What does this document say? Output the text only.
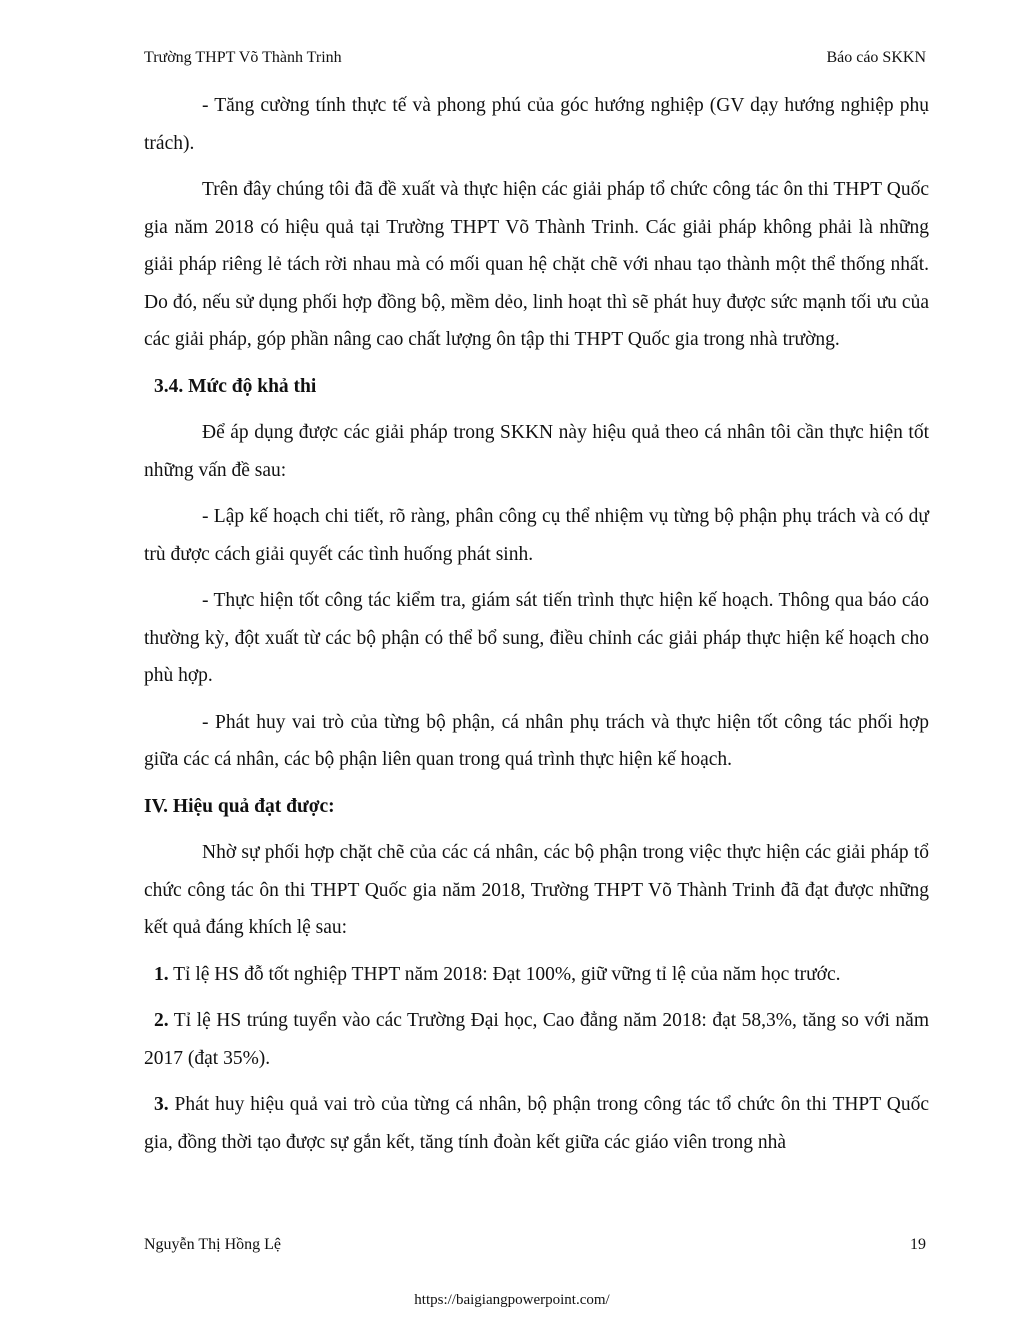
Trường THPT Võ Thành Trinh	Báo cáo SKKN

- Tăng cường tính thực tế và phong phú của góc hướng nghiệp (GV dạy hướng nghiệp phụ trách).

Trên đây chúng tôi đã đề xuất và thực hiện các giải pháp tổ chức công tác ôn thi THPT Quốc gia năm 2018 có hiệu quả tại Trường THPT Võ Thành Trinh. Các giải pháp không phải là những giải pháp riêng lẻ tách rời nhau mà có mối quan hệ chặt chẽ với nhau tạo thành một thể thống nhất. Do đó, nếu sử dụng phối hợp đồng bộ, mềm dẻo, linh hoạt thì sẽ phát huy được sức mạnh tối ưu của các giải pháp, góp phần nâng cao chất lượng ôn tập thi THPT Quốc gia trong nhà trường.

3.4. Mức độ khả thi

Để áp dụng được các giải pháp trong SKKN này hiệu quả theo cá nhân tôi cần thực hiện tốt những vấn đề sau:

- Lập kế hoạch chi tiết, rõ ràng, phân công cụ thể nhiệm vụ từng bộ phận phụ trách và có dự trù được cách giải quyết các tình huống phát sinh.

- Thực hiện tốt công tác kiểm tra, giám sát tiến trình thực hiện kế hoạch. Thông qua báo cáo thường kỳ, đột xuất từ các bộ phận có thể bổ sung, điều chỉnh các giải pháp thực hiện kế hoạch cho phù hợp.

- Phát huy vai trò của từng bộ phận, cá nhân phụ trách và thực hiện tốt công tác phối hợp giữa các cá nhân, các bộ phận liên quan trong quá trình thực hiện kế hoạch.

IV. Hiệu quả đạt được:

Nhờ sự phối hợp chặt chẽ của các cá nhân, các bộ phận trong việc thực hiện các giải pháp tổ chức công tác ôn thi THPT Quốc gia năm 2018, Trường THPT Võ Thành Trinh đã đạt được những kết quả đáng khích lệ sau:

1. Tỉ lệ HS đỗ tốt nghiệp THPT năm 2018: Đạt 100%, giữ vững tỉ lệ của năm học trước.

2. Tỉ lệ HS trúng tuyển vào các Trường Đại học, Cao đẳng năm 2018: đạt 58,3%, tăng so với năm 2017 (đạt 35%).

3. Phát huy hiệu quả vai trò của từng cá nhân, bộ phận trong công tác tổ chức ôn thi THPT Quốc gia, đồng thời tạo được sự gắn kết, tăng tính đoàn kết giữa các giáo viên trong nhà

Nguyễn Thị Hồng Lệ	19
https://baigiangpowerpoint.com/
